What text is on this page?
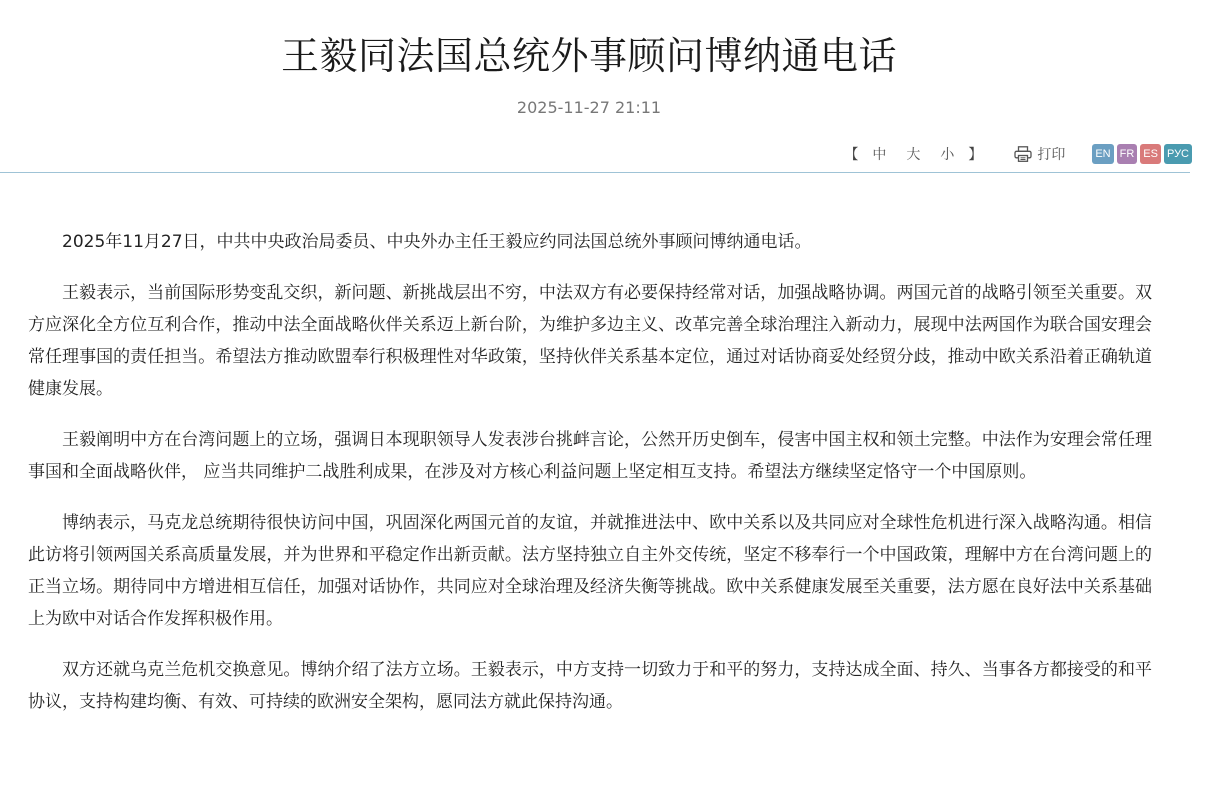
王毅同法国总统外事顾问博纳通电话
2025-11-27 21:11
【	中	大	小	】	打印	EN FR ES РУС

2025年11月27日，中共中央政治局委员、中央外办主任王毅应约同法国总统外事顾问博纳通电话。

王毅表示，当前国际形势变乱交织，新问题、新挑战层出不穷，中法双方有必要保持经常对话，加强战略协调。两国元首的战略引领至关重要。双方应深化全方位互利合作，推动中法全面战略伙伴关系迈上新台阶，为维护多边主义、改革完善全球治理注入新动力，展现中法两国作为联合国安理会常任理事国的责任担当。希望法方推动欧盟奉行积极理性对华政策，坚持伙伴关系基本定位，通过对话协商妥处经贸分歧，推动中欧关系沿着正确轨道健康发展。

王毅阐明中方在台湾问题上的立场，强调日本现职领导人发表涉台挑衅言论，公然开历史倒车，侵害中国主权和领土完整。中法作为安理会常任理事国和全面战略伙伴， 应当共同维护二战胜利成果，在涉及对方核心利益问题上坚定相互支持。希望法方继续坚定恪守一个中国原则。

博纳表示，马克龙总统期待很快访问中国，巩固深化两国元首的友谊，并就推进法中、欧中关系以及共同应对全球性危机进行深入战略沟通。相信此访将引领两国关系高质量发展，并为世界和平稳定作出新贡献。法方坚持独立自主外交传统，坚定不移奉行一个中国政策，理解中方在台湾问题上的正当立场。期待同中方增进相互信任，加强对话协作，共同应对全球治理及经济失衡等挑战。欧中关系健康发展至关重要，法方愿在良好法中关系基础上为欧中对话合作发挥积极作用。

双方还就乌克兰危机交换意见。博纳介绍了法方立场。王毅表示，中方支持一切致力于和平的努力，支持达成全面、持久、当事各方都接受的和平协议，支持构建均衡、有效、可持续的欧洲安全架构，愿同法方就此保持沟通。
